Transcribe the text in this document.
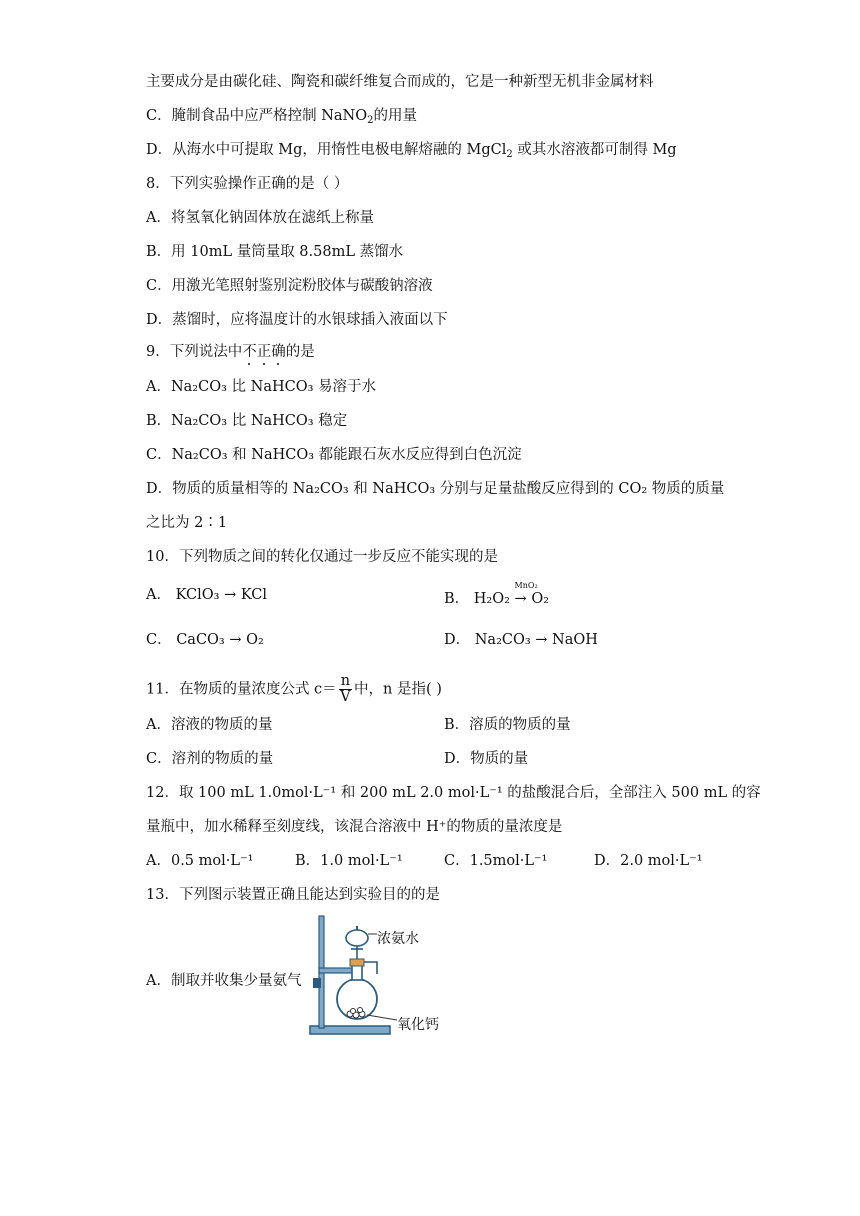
主要成分是由碳化硅、陶瓷和碳纤维复合而成的，它是一种新型无机非金属材料
C．腌制食品中应严格控制 NaNO$_2$的用量
D．从海水中可提取 Mg，用惰性电极电解熔融的 MgCl$_2$ 或其水溶液都可制得 Mg
8．下列实验操作正确的是（ ）
A．将氢氧化钠固体放在滤纸上称量
B．用 10mL 量筒量取 8.58mL 蒸馏水
C．用激光笔照射鉴别淀粉胶体与碳酸钠溶液
D．蒸馏时，应将温度计的水银球插入液面以下
9．下列说法中不正确的是
A．Na₂CO₃ 比 NaHCO₃ 易溶于水
B．Na₂CO₃ 比 NaHCO₃ 稳定
C．Na₂CO₃ 和 NaHCO₃ 都能跟石灰水反应得到白色沉淀
D．物质的质量相等的 Na₂CO₃ 和 NaHCO₃ 分别与足量盐酸反应得到的 CO₂ 物质的质量
之比为 2∶1
10．下列物质之间的转化仅通过一步反应不能实现的是
A． KClO₃ → KCl	B． H₂O₂
MnO₂
→ O₂
C． CaCO₃ → O₂	D． Na₂CO₃ → NaOH
11．在物质的量浓度公式 $c= \frac{n}{V}$ 中，n 是指( )
A．溶液的物质的量	B．溶质的物质的量
C．溶剂的物质的量	D．物质的量
12．取 100 mL 1.0mol·L⁻¹ 和 200 mL 2.0 mol·L⁻¹ 的盐酸混合后，全部注入 500 mL 的容
量瓶中，加水稀释至刻度线，该混合溶液中 H⁺的物质的量浓度是
A．0.5 mol·L⁻¹	B．1.0 mol·L⁻¹	C．1.5mol·L⁻¹	D．2.0 mol·L⁻¹
13．下列图示装置正确且能达到实验目的的是
A．制取并收集少量氨气
浓氨水
氧化钙
